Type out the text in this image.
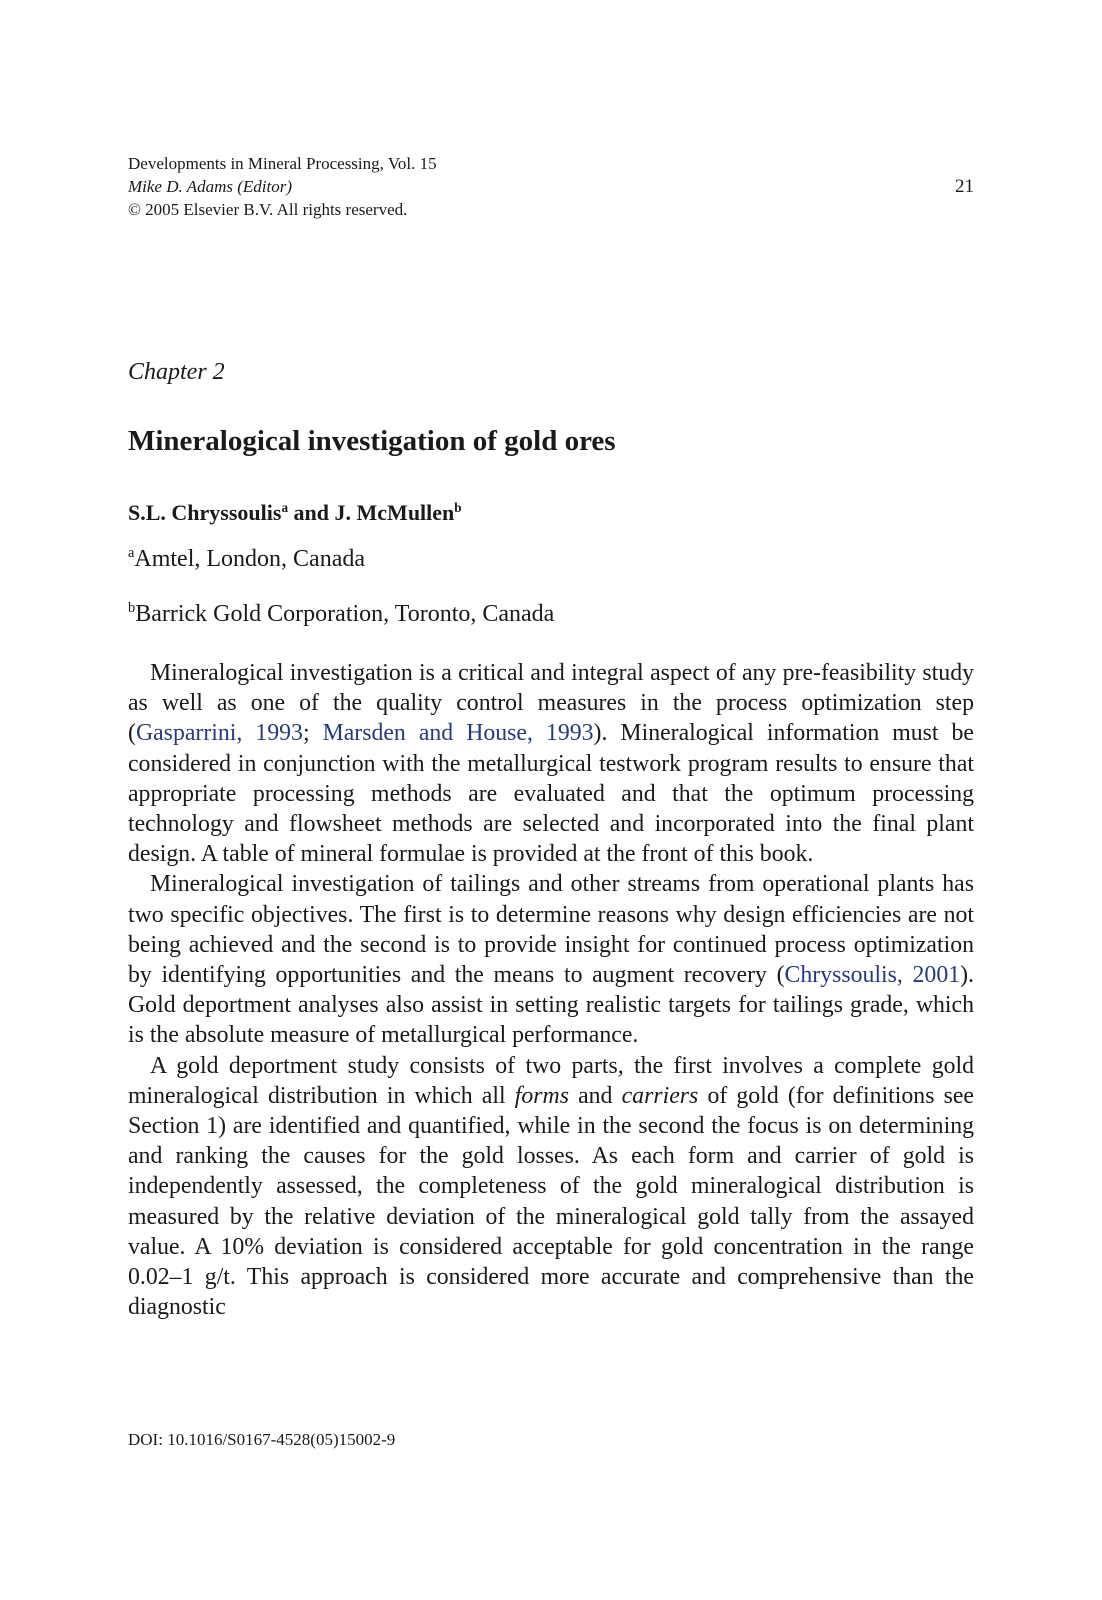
Developments in Mineral Processing, Vol. 15
Mike D. Adams (Editor)
© 2005 Elsevier B.V. All rights reserved.
21
Chapter 2
Mineralogical investigation of gold ores
S.L. Chryssoulis$^a$ and J. McMullen$^b$
$^a$Amtel, London, Canada
$^b$Barrick Gold Corporation, Toronto, Canada

Mineralogical investigation is a critical and integral aspect of any pre-feasibility study as well as one of the quality control measures in the process optimization step (Gasparrini, 1993; Marsden and House, 1993). Mineralogical information must be considered in conjunction with the metallurgical testwork program results to ensure that appropriate processing methods are evaluated and that the optimum processing technology and flowsheet methods are selected and incorporated into the final plant design. A table of mineral formulae is provided at the front of this book.

Mineralogical investigation of tailings and other streams from operational plants has two specific objectives. The first is to determine reasons why design efficiencies are not being achieved and the second is to provide insight for continued process optimization by identifying opportunities and the means to augment recovery (Chryssoulis, 2001). Gold deportment analyses also assist in setting realistic targets for tailings grade, which is the absolute measure of metallurgical performance.

A gold deportment study consists of two parts, the first involves a complete gold mineralogical distribution in which all forms and carriers of gold (for definitions see Section 1) are identified and quantified, while in the second the focus is on determining and ranking the causes for the gold losses. As each form and carrier of gold is independently assessed, the completeness of the gold mineralogical distribution is measured by the relative deviation of the mineralogical gold tally from the assayed value. A 10% deviation is considered acceptable for gold concentration in the range 0.02–1 g/t. This approach is considered more accurate and comprehensive than the diagnostic

DOI: 10.1016/S0167-4528(05)15002-9
